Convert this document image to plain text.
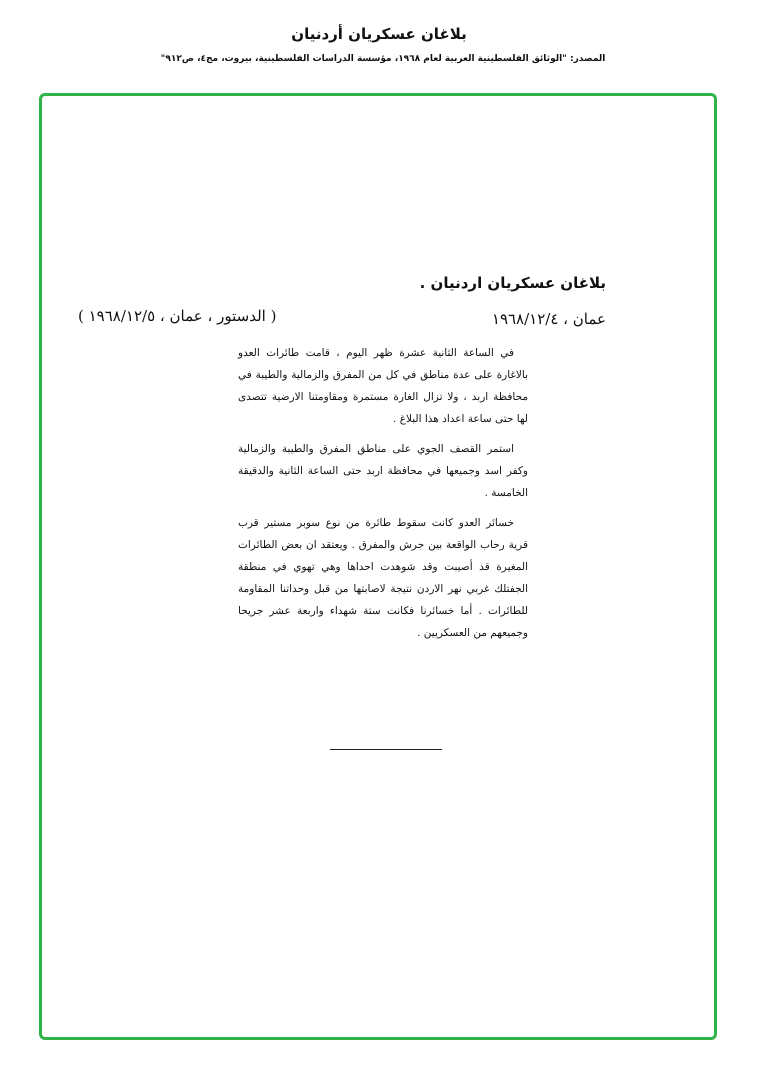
بلاغان عسكريان أردنيان
المصدر: "الوثائق الفلسطينية العربية لعام ١٩٦٨، مؤسسة الدراسات الفلسطينية، بيروت، مج٤، ص٩١٢"
بلاغان عسكريان اردنيان .
عمان ، ١٩٦٨/١٢/٤
( الدستور ، عمان ، ١٩٦٨/١٢/٥ )

في الساعة الثانية عشرة ظهر اليوم ، قامت طائرات العدو بالاغارة على عدة مناطق في كل من المفرق والزمالية والطيبة في محافظة اربد ، ولا تزال الغارة مستمرة ومقاومتنا الارضية تتصدى لها حتى ساعة اعداد هذا البلاغ .

استمر القصف الجوي على مناطق المفرق والطيبة والزمالية وكفر اسد وجميعها في محافظة اربد حتى الساعة الثانية والدقيقة الخامسة .

خسائر العدو كانت سقوط طائرة من نوع سوبر مستير قرب قرية رحاب الواقعة بين جرش والمفرق . ويعتقد ان بعض الطائرات المغيرة قد أصيبت وقد شوهدت احداها وهي تهوي في منطقة الجفتلك غربي نهر الاردن نتيجة لاصابتها من قبل وحداتنا المقاومة للطائرات . أما خسائرنا فكانت ستة شهداء واربعة عشر جريحا وجميعهم من العسكريين .
